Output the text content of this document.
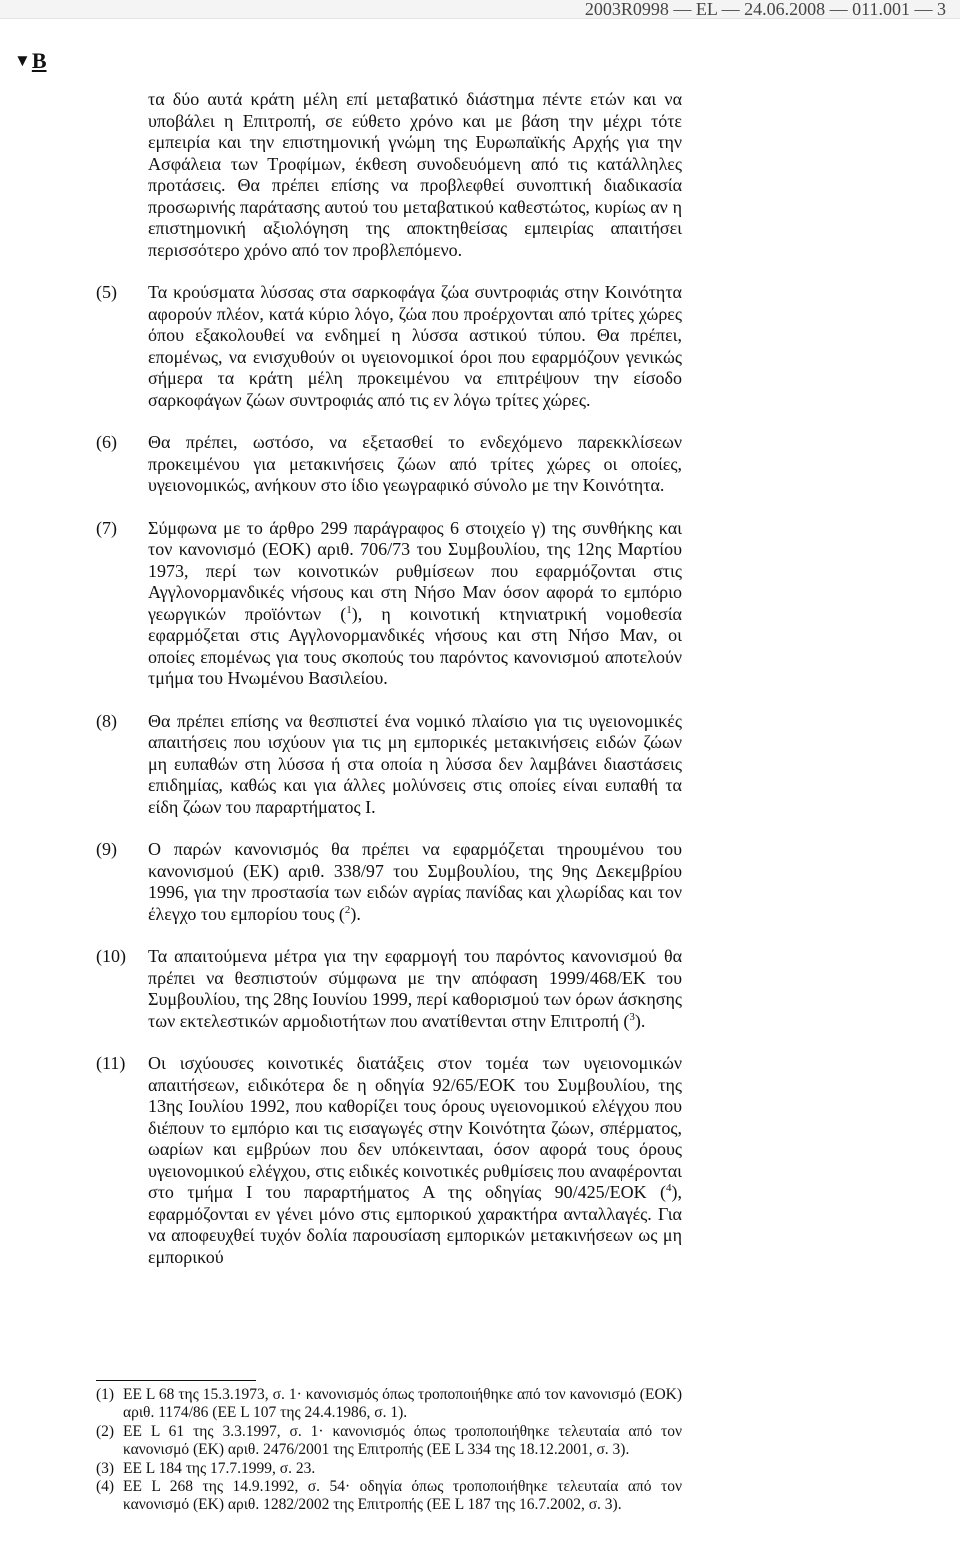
2003R0998 — EL — 24.06.2008 — 011.001 — 3
▼B
τα δύο αυτά κράτη μέλη επί μεταβατικό διάστημα πέντε ετών και να υποβάλει η Επιτροπή, σε εύθετο χρόνο και με βάση την μέχρι τότε εμπειρία και την επιστημονική γνώμη της Ευρωπαϊκής Αρχής για την Ασφάλεια των Τροφίμων, έκθεση συνοδευόμενη από τις κατάλληλες προτάσεις. Θα πρέπει επίσης να προβλεφθεί συνοπτική διαδικασία προσωρινής παράτασης αυτού του μεταβατικού καθεστώτος, κυρίως αν η επιστημονική αξιολόγηση της αποκτηθείσας εμπειρίας απαιτήσει περισσότερο χρόνο από τον προβλεπόμενο.
(5)	Τα κρούσματα λύσσας στα σαρκοφάγα ζώα συντροφιάς στην Κοινότητα αφορούν πλέον, κατά κύριο λόγο, ζώα που προέρχονται από τρίτες χώρες όπου εξακολουθεί να ενδημεί η λύσσα αστικού τύπου. Θα πρέπει, επομένως, να ενισχυθούν οι υγειονομικοί όροι που εφαρμόζουν γενικώς σήμερα τα κράτη μέλη προκειμένου να επιτρέψουν την είσοδο σαρκοφάγων ζώων συντροφιάς από τις εν λόγω τρίτες χώρες.
(6)	Θα πρέπει, ωστόσο, να εξετασθεί το ενδεχόμενο παρεκκλίσεων προκειμένου για μετακινήσεις ζώων από τρίτες χώρες οι οποίες, υγειονομικώς, ανήκουν στο ίδιο γεωγραφικό σύνολο με την Κοινότητα.
(7)	Σύμφωνα με το άρθρο 299 παράγραφος 6 στοιχείο γ) της συνθήκης και τον κανονισμό (ΕΟΚ) αριθ. 706/73 του Συμβουλίου, της 12ης Μαρτίου 1973, περί των κοινοτικών ρυθμίσεων που εφαρμόζονται στις Αγγλονορμανδικές νήσους και στη Νήσο Μαν όσον αφορά το εμπόριο γεωργικών προϊόντων ($^1$), η κοινοτική κτηνιατρική νομοθεσία εφαρμόζεται στις Αγγλονορμανδικές νήσους και στη Νήσο Μαν, οι οποίες επομένως για τους σκοπούς του παρόντος κανονισμού αποτελούν τμήμα του Ηνωμένου Βασιλείου.
(8)	Θα πρέπει επίσης να θεσπιστεί ένα νομικό πλαίσιο για τις υγειονομικές απαιτήσεις που ισχύουν για τις μη εμπορικές μετακινήσεις ειδών ζώων μη ευπαθών στη λύσσα ή στα οποία η λύσσα δεν λαμβάνει διαστάσεις επιδημίας, καθώς και για άλλες μολύνσεις στις οποίες είναι ευπαθή τα είδη ζώων του παραρτήματος I.
(9)	Ο παρών κανονισμός θα πρέπει να εφαρμόζεται τηρουμένου του κανονισμού (ΕΚ) αριθ. 338/97 του Συμβουλίου, της 9ης Δεκεμβρίου 1996, για την προστασία των ειδών αγρίας πανίδας και χλωρίδας και τον έλεγχο του εμπορίου τους ($^2$).
(10)	Τα απαιτούμενα μέτρα για την εφαρμογή του παρόντος κανονισμού θα πρέπει να θεσπιστούν σύμφωνα με την απόφαση 1999/468/ΕΚ του Συμβουλίου, της 28ης Ιουνίου 1999, περί καθορισμού των όρων άσκησης των εκτελεστικών αρμοδιοτήτων που ανατίθενται στην Επιτροπή ($^3$).
(11)	Οι ισχύουσες κοινοτικές διατάξεις στον τομέα των υγειονομικών απαιτήσεων, ειδικότερα δε η οδηγία 92/65/ΕΟΚ του Συμβουλίου, της 13ης Ιουλίου 1992, που καθορίζει τους όρους υγειονομικού ελέγχου που διέπουν το εμπόριο και τις εισαγωγές στην Κοινότητα ζώων, σπέρματος, ωαρίων και εμβρύων που δεν υπόκειντααι, όσον αφορά τους όρους υγειονομικού ελέγχου, στις ειδικές κοινοτικές ρυθμίσεις που αναφέρονται στο τμήμα I του παραρτήματος A της οδηγίας 90/425/ΕΟΚ ($^4$), εφαρμόζονται εν γένει μόνο στις εμπορικού χαρακτήρα ανταλλαγές. Για να αποφευχθεί τυχόν δολία παρουσίαση εμπορικών μετακινήσεων ως μη εμπορικού
(1) ΕΕ L 68 της 15.3.1973, σ. 1· κανονισμός όπως τροποποιήθηκε από τον κανονισμό (ΕΟΚ) αριθ. 1174/86 (ΕΕ L 107 της 24.4.1986, σ. 1).
(2) ΕΕ L 61 της 3.3.1997, σ. 1· κανονισμός όπως τροποποιήθηκε τελευταία από τον κανονισμό (ΕΚ) αριθ. 2476/2001 της Επιτροπής (ΕΕ L 334 της 18.12.2001, σ. 3).
(3) ΕΕ L 184 της 17.7.1999, σ. 23.
(4) ΕΕ L 268 της 14.9.1992, σ. 54· οδηγία όπως τροποποιήθηκε τελευταία από τον κανονισμό (ΕΚ) αριθ. 1282/2002 της Επιτροπής (ΕΕ L 187 της 16.7.2002, σ. 3).
